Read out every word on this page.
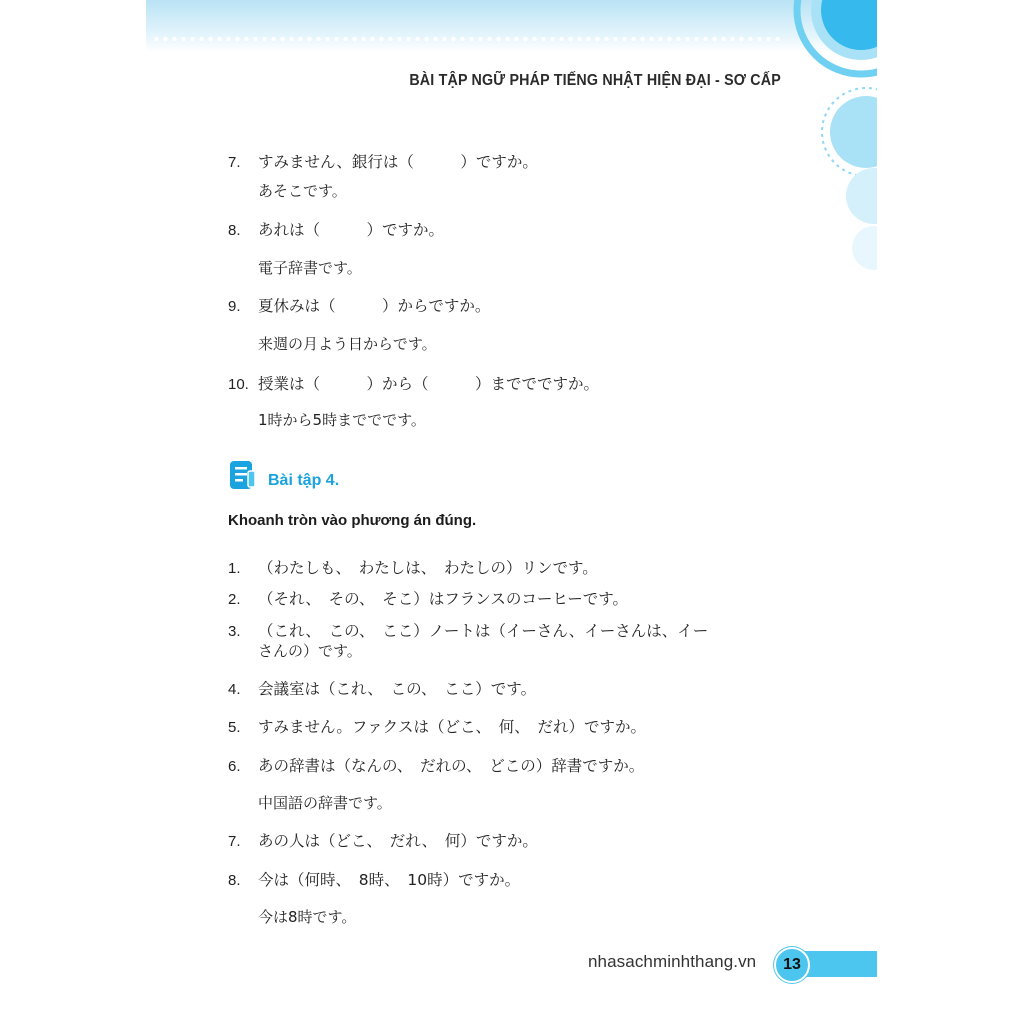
BÀI TẬP NGỮ PHÁP TIẾNG NHẬT HIỆN ĐẠI - SƠ CẤP
7. すみません、銀行は（　　　）ですか。
あそこです。
8. あれは（　　　）ですか。
電子辞書です。
9. 夏休みは（　　　）からですか。
来週の月よう日からです。
10. 授業は（　　　）から（　　　）まででですか。
1時から5時まででです。
Bài tập 4.
Khoanh tròn vào phương án đúng.
1. （わたしも、　わたしは、　わたしの）リンです。
2. （それ、　その、　そこ）はフランスのコーヒーです。
3. （これ、　この、　ここ）ノートは（イーさん、イーさんは、イー
さんの）です。
4. 会議室は（これ、　この、　ここ）です。
5. すみません。ファクスは（どこ、　何、　だれ）ですか。
6. あの辞書は（なんの、　だれの、　どこの）辞書ですか。
中国語の辞書です。
7. あの人は（どこ、　だれ、　何）ですか。
8. 今は（何時、　8時、　10時）ですか。
今は8時です。
nhasachminhthang.vn	13
